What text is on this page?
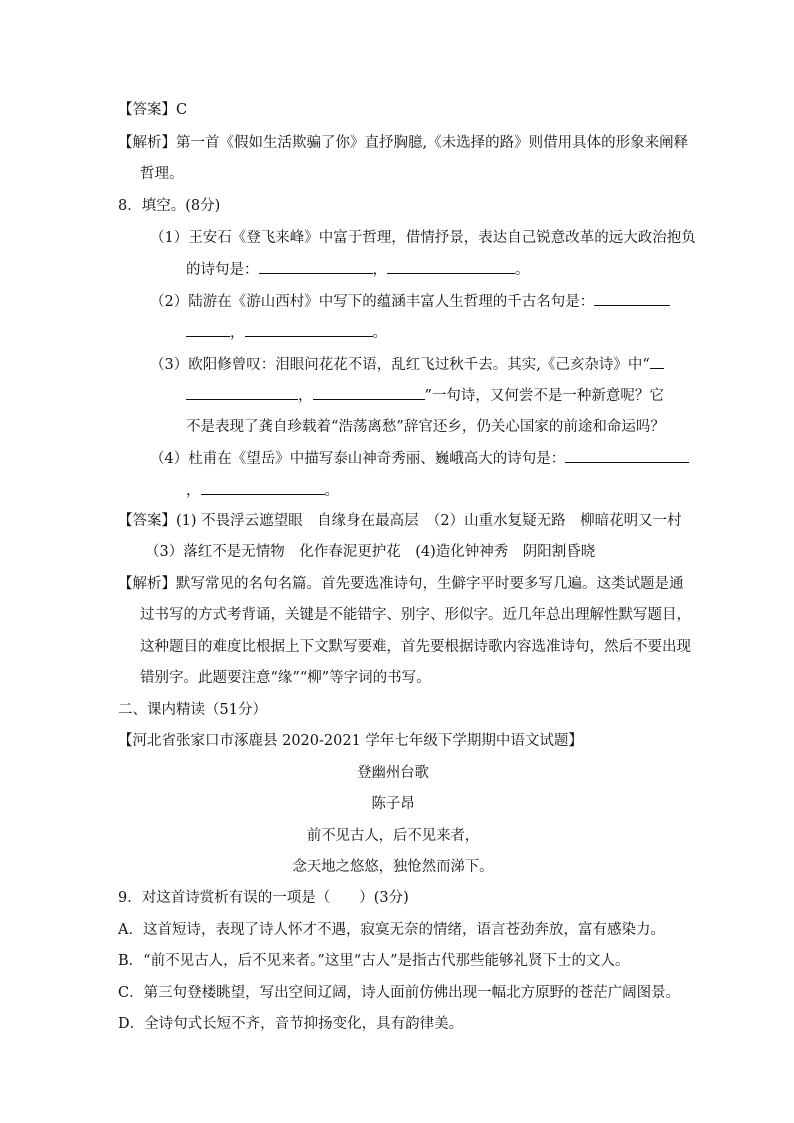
【答案】C
【解析】第一首《假如生活欺骗了你》直抒胸臆,《未选择的路》则借用具体的形象来阐释
哲理。
8．填空。(8分)
（1）王安石《登飞来峰》中富于哲理，借情抒景，表达自己锐意改革的远大政治抱负
的诗句是：	，	。
（2）陆游在《游山西村》中写下的蕴涵丰富人生哲理的千古名句是：
，	。
（3）欧阳修曾叹：泪眼问花花不语，乱红飞过秋千去。其实,《己亥杂诗》中“
，	”一句诗，又何尝不是一种新意呢？它
不是表现了龚自珍载着“浩荡离愁”辞官还乡，仍关心国家的前途和命运吗？
（4）杜甫在《望岳》中描写泰山神奇秀丽、巍峨高大的诗句是：
，	。
【答案】(1) 不畏浮云遮望眼　自缘身在最高层　（2）山重水复疑无路　柳暗花明又一村
（3）落红不是无情物　化作春泥更护花　(4)造化钟神秀　阴阳割昏晓
【解析】默写常见的名句名篇。首先要选准诗句，生僻字平时要多写几遍。这类试题是通
过书写的方式考背诵，关键是不能错字、别字、形似字。近几年总出理解性默写题目，
这种题目的难度比根据上下文默写要难，首先要根据诗歌内容选准诗句，然后不要出现
错别字。此题要注意“缘”“柳”等字词的书写。
二、课内精读（51分）
【河北省张家口市涿鹿县 2020-2021 学年七年级下学期期中语文试题】
登幽州台歌
陈子昂
前不见古人，后不见来者，
念天地之悠悠，独怆然而涕下。
9．对这首诗赏析有误的一项是（　　）(3分)
A．这首短诗，表现了诗人怀才不遇，寂寞无奈的情绪，语言苍劲奔放，富有感染力。
B．“前不见古人，后不见来者。”这里“古人”是指古代那些能够礼贤下士的文人。
C．第三句登楼眺望，写出空间辽阔，诗人面前仿佛出现一幅北方原野的苍茫广阔图景。
D．全诗句式长短不齐，音节抑扬变化，具有韵律美。
